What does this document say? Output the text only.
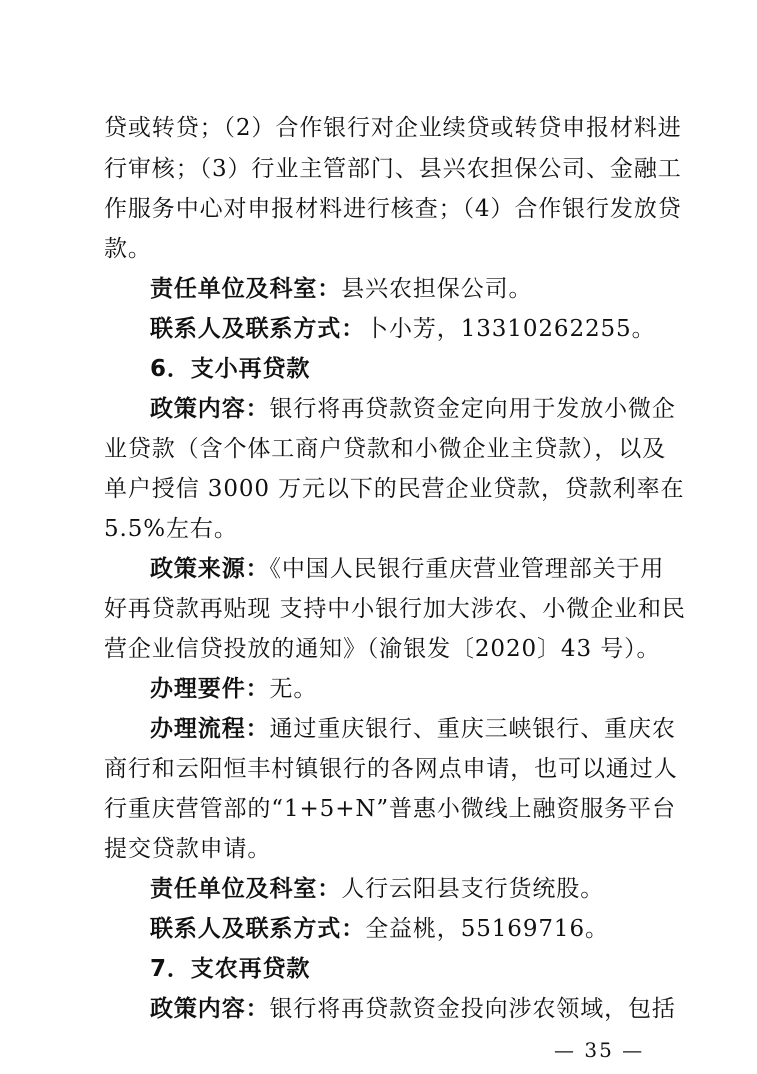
贷或转贷；（2）合作银行对企业续贷或转贷申报材料进
行审核；（3）行业主管部门、县兴农担保公司、金融工
作服务中心对申报材料进行核查；（4）合作银行发放贷
款。
责任单位及科室：县兴农担保公司。
联系人及联系方式：卜小芳，13310262255。
6．支小再贷款
政策内容：银行将再贷款资金定向用于发放小微企
业贷款（含个体工商户贷款和小微企业主贷款），以及
单户授信 3000 万元以下的民营企业贷款，贷款利率在
5.5%左右。
政策来源：《中国人民银行重庆营业管理部关于用
好再贷款再贴现 支持中小银行加大涉农、小微企业和民
营企业信贷投放的通知》（渝银发〔2020〕43 号）。
办理要件：无。
办理流程：通过重庆银行、重庆三峡银行、重庆农
商行和云阳恒丰村镇银行的各网点申请，也可以通过人
行重庆营管部的“1+5+N”普惠小微线上融资服务平台
提交贷款申请。
责任单位及科室：人行云阳县支行货统股。
联系人及联系方式：全益桃，55169716。
7．支农再贷款
政策内容：银行将再贷款资金投向涉农领域，包括
— 35 —
